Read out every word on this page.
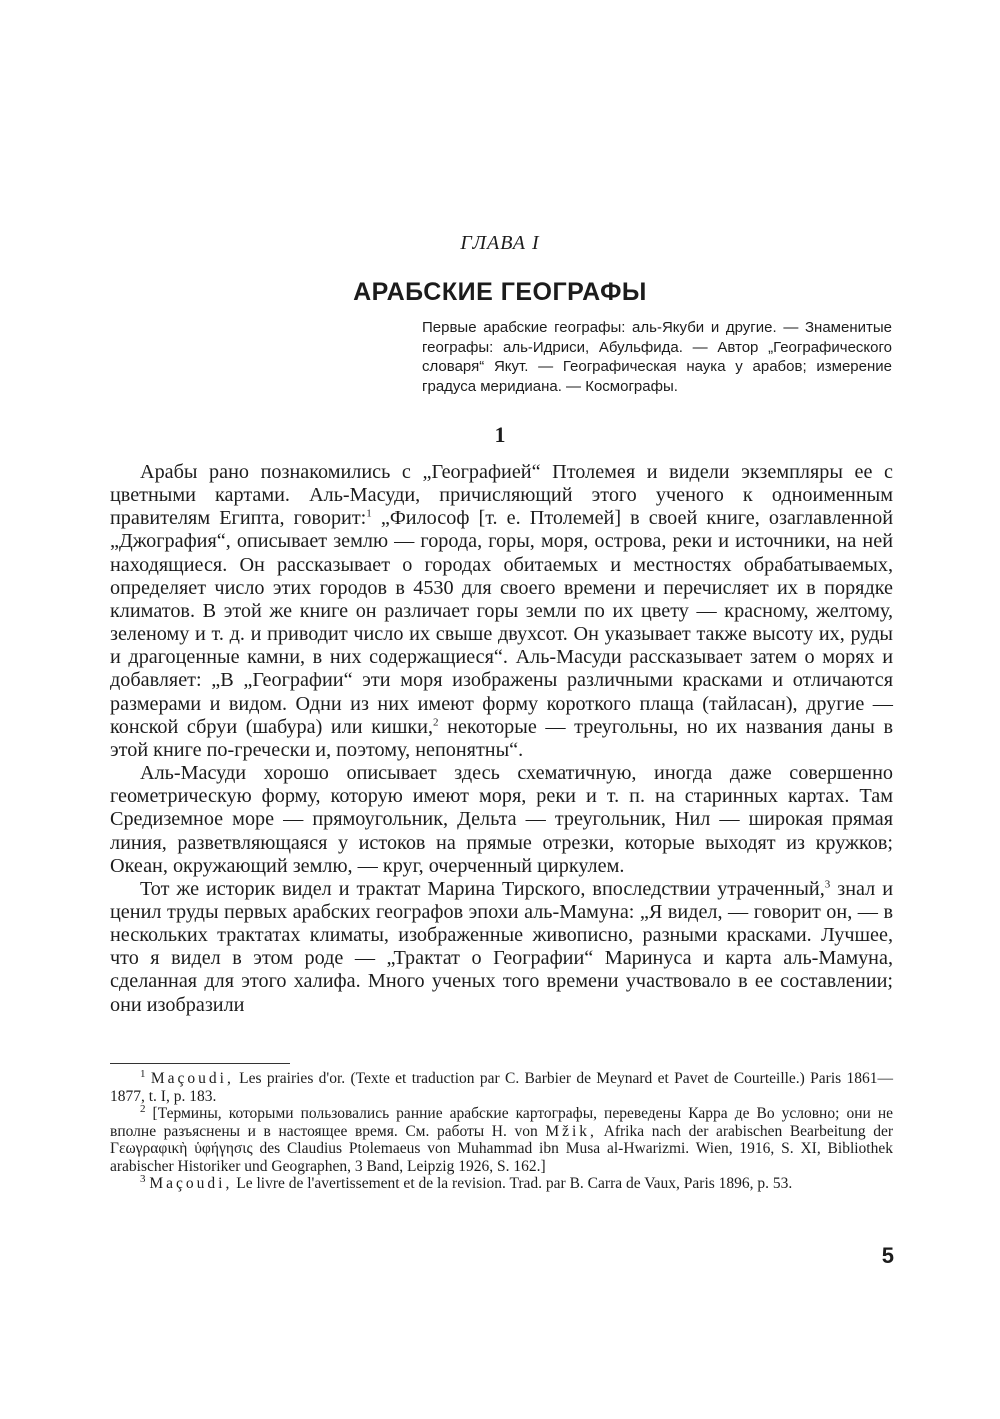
ГЛАВА I
АРАБСКИЕ ГЕОГРАФЫ
Первые арабские географы: аль-Якуби и другие. — Знаменитые географы: аль-Идриси, Абульфида. — Автор „Географического словаря“ Якут. — Географическая наука у арабов; измерение градуса меридиана. — Космографы.
1

Арабы рано познакомились с „Географией“ Птолемея и видели экземпляры ее с цветными картами. Аль-Масуди, причисляющий этого ученого к одноименным правителям Египта, говорит:$^1$ „Философ [т. е. Птолемей] в своей книге, озаглавленной „Джография“, описывает землю — города, горы, моря, острова, реки и источники, на ней находящиеся. Он рассказывает о городах обитаемых и местностях обрабатываемых, определяет число этих городов в 4530 для своего времени и перечисляет их в порядке климатов. В этой же книге он различает горы земли по их цвету — красному, желтому, зеленому и т. д. и приводит число их свыше двухсот. Он указывает также высоту их, руды и драгоценные камни, в них содержащиеся“. Аль-Масуди рассказывает затем о морях и добавляет: „В „Географии“ эти моря изображены различными красками и отличаются размерами и видом. Одни из них имеют форму короткого плаща (тайласан), другие — конской сбруи (шабура) или кишки,$^2$ некоторые — треугольны, но их названия даны в этой книге по-гречески и, поэтому, непонятны“.

Аль-Масуди хорошо описывает здесь схематичную, иногда даже совершенно геометрическую форму, которую имеют моря, реки и т. п. на старинных картах. Там Средиземное море — прямоугольник, Дельта — треугольник, Нил — широкая прямая линия, разветвляющаяся у истоков на прямые отрезки, которые выходят из кружков; Океан, окружающий землю, — круг, очерченный циркулем.

Тот же историк видел и трактат Марина Тирского, впоследствии утраченный,$^3$ знал и ценил труды первых арабских географов эпохи аль-Мамуна: „Я видел, — говорит он, — в нескольких трактатах климаты, изображенные живописно, разными красками. Лучшее, что я видел в этом роде — „Трактат о Географии“ Маринуса и карта аль-Мамуна, сделанная для этого халифа. Много ученых того времени участвовало в ее составлении; они изобразили

$^1$ Maçoudi, Les prairies d'or. (Texte et traduction par C. Barbier de Meynard et Pavet de Courteille.) Paris 1861—1877, t. I, p. 183.

$^2$ [Термины, которыми пользовались ранние арабские картографы, переведены Карра де Во условно; они не вполне разъяснены и в настоящее время. См. работы H. von Mžik, Afrika nach der arabischen Bearbeitung der Γεωγραφικὴ ὑφήγησις des Claudius Ptolemaeus von Muhammad ibn Musa al-Hwarizmi. Wien, 1916, S. XI, Bibliothek arabischer Historiker und Geographen, 3 Band, Leipzig 1926, S. 162.]

$^3$ Maçoudi, Le livre de l'avertissement et de la revision. Trad. par B. Carra de Vaux, Paris 1896, p. 53.

5
